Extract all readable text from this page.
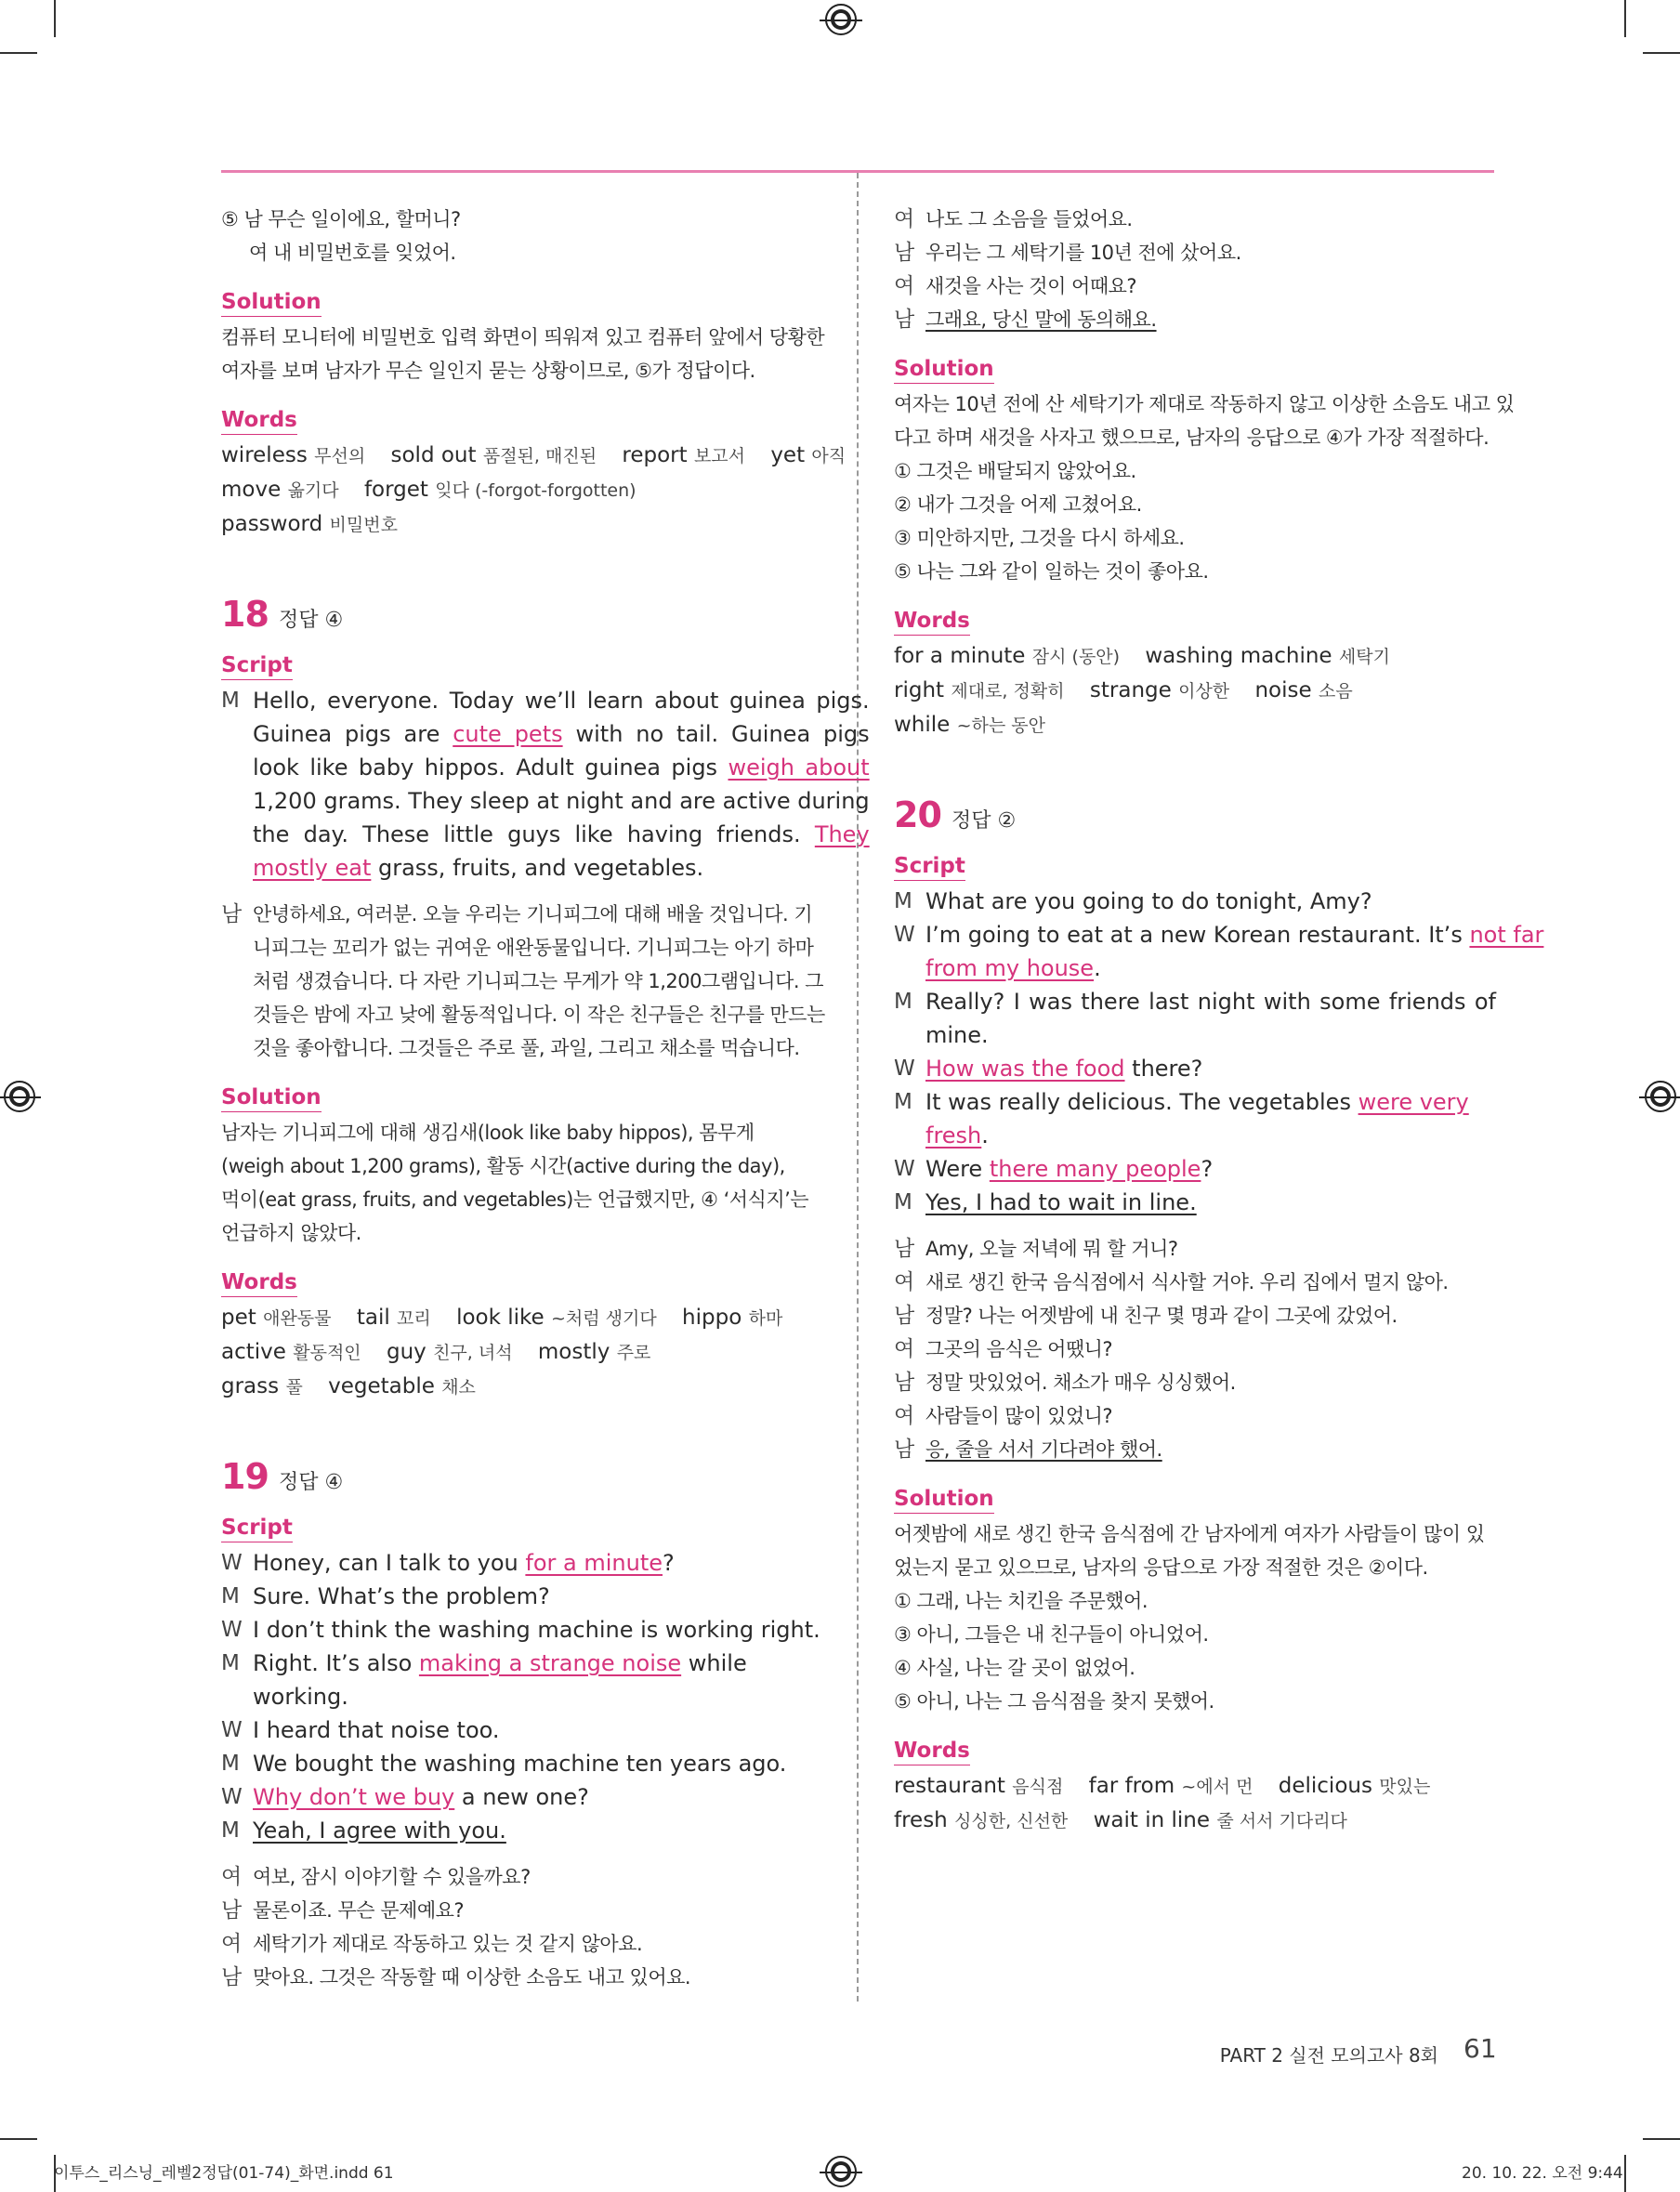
⑤ 남 무슨 일이에요, 할머니?
여 내 비밀번호를 잊었어.
Solution
컴퓨터 모니터에 비밀번호 입력 화면이 띄워져 있고 컴퓨터 앞에서 당황한
여자를 보며 남자가 무슨 일인지 묻는 상황이므로, ⑤가 정답이다.
Words
wireless 무선의 sold out 품절된, 매진된 report 보고서 yet 아직
move 옮기다 forget 잊다 (-forgot-forgotten)
password 비밀번호
18 정답 ④
Script
M Hello, everyone. Today we’ll learn about guinea pigs.
Guinea pigs are cute pets with no tail. Guinea pigs
look like baby hippos. Adult guinea pigs weigh about
1,200 grams. They sleep at night and are active during
the day. These little guys like having friends. They
mostly eat grass, fruits, and vegetables.
남 안녕하세요, 여러분. 오늘 우리는 기니피그에 대해 배울 것입니다. 기
니피그는 꼬리가 없는 귀여운 애완동물입니다. 기니피그는 아기 하마
처럼 생겼습니다. 다 자란 기니피그는 무게가 약 1,200그램입니다. 그
것들은 밤에 자고 낮에 활동적입니다. 이 작은 친구들은 친구를 만드는
것을 좋아합니다. 그것들은 주로 풀, 과일, 그리고 채소를 먹습니다.
Solution
남자는 기니피그에 대해 생김새(look like baby hippos), 몸무게
(weigh about 1,200 grams), 활동 시간(active during the day),
먹이(eat grass, fruits, and vegetables)는 언급했지만, ④ ‘서식지’는
언급하지 않았다.
Words
pet 애완동물 tail 꼬리 look like ~처럼 생기다 hippo 하마
active 활동적인 guy 친구, 녀석 mostly 주로
grass 풀 vegetable 채소
19 정답 ④
Script
W Honey, can I talk to you for a minute?
M Sure. What’s the problem?
W I don’t think the washing machine is working right.
M Right. It’s also making a strange noise while working.
W I heard that noise too.
M We bought the washing machine ten years ago.
W Why don’t we buy a new one?
M Yeah, I agree with you.
여 여보, 잠시 이야기할 수 있을까요?
남 물론이죠. 무슨 문제예요?
여 세탁기가 제대로 작동하고 있는 것 같지 않아요.
남 맞아요. 그것은 작동할 때 이상한 소음도 내고 있어요.
여 나도 그 소음을 들었어요.
남 우리는 그 세탁기를 10년 전에 샀어요.
여 새것을 사는 것이 어때요?
남 그래요, 당신 말에 동의해요.
Solution
여자는 10년 전에 산 세탁기가 제대로 작동하지 않고 이상한 소음도 내고 있
다고 하며 새것을 사자고 했으므로, 남자의 응답으로 ④가 가장 적절하다.
① 그것은 배달되지 않았어요.
② 내가 그것을 어제 고쳤어요.
③ 미안하지만, 그것을 다시 하세요.
⑤ 나는 그와 같이 일하는 것이 좋아요.
Words
for a minute 잠시 (동안) washing machine 세탁기
right 제대로, 정확히 strange 이상한 noise 소음
while ~하는 동안
20 정답 ②
Script
M What are you going to do tonight, Amy?
W I’m going to eat at a new Korean restaurant. It’s not far
from my house.
M Really? I was there last night with some friends of
mine.
W How was the food there?
M It was really delicious. The vegetables were very fresh.
W Were there many people?
M Yes, I had to wait in line.
남 Amy, 오늘 저녁에 뭐 할 거니?
여 새로 생긴 한국 음식점에서 식사할 거야. 우리 집에서 멀지 않아.
남 정말? 나는 어젯밤에 내 친구 몇 명과 같이 그곳에 갔었어.
여 그곳의 음식은 어땠니?
남 정말 맛있었어. 채소가 매우 싱싱했어.
여 사람들이 많이 있었니?
남 응, 줄을 서서 기다려야 했어.
Solution
어젯밤에 새로 생긴 한국 음식점에 간 남자에게 여자가 사람들이 많이 있
었는지 묻고 있으므로, 남자의 응답으로 가장 적절한 것은 ②이다.
① 그래, 나는 치킨을 주문했어.
③ 아니, 그들은 내 친구들이 아니었어.
④ 사실, 나는 갈 곳이 없었어.
⑤ 아니, 나는 그 음식점을 찾지 못했어.
Words
restaurant 음식점 far from ~에서 먼 delicious 맛있는
fresh 싱싱한, 신선한 wait in line 줄 서서 기다리다
PART 2 실전 모의고사 8회 61
이투스_리스닝_레벨2정답(01-74)_화면.indd 61	20. 10. 22. 오전 9:44
